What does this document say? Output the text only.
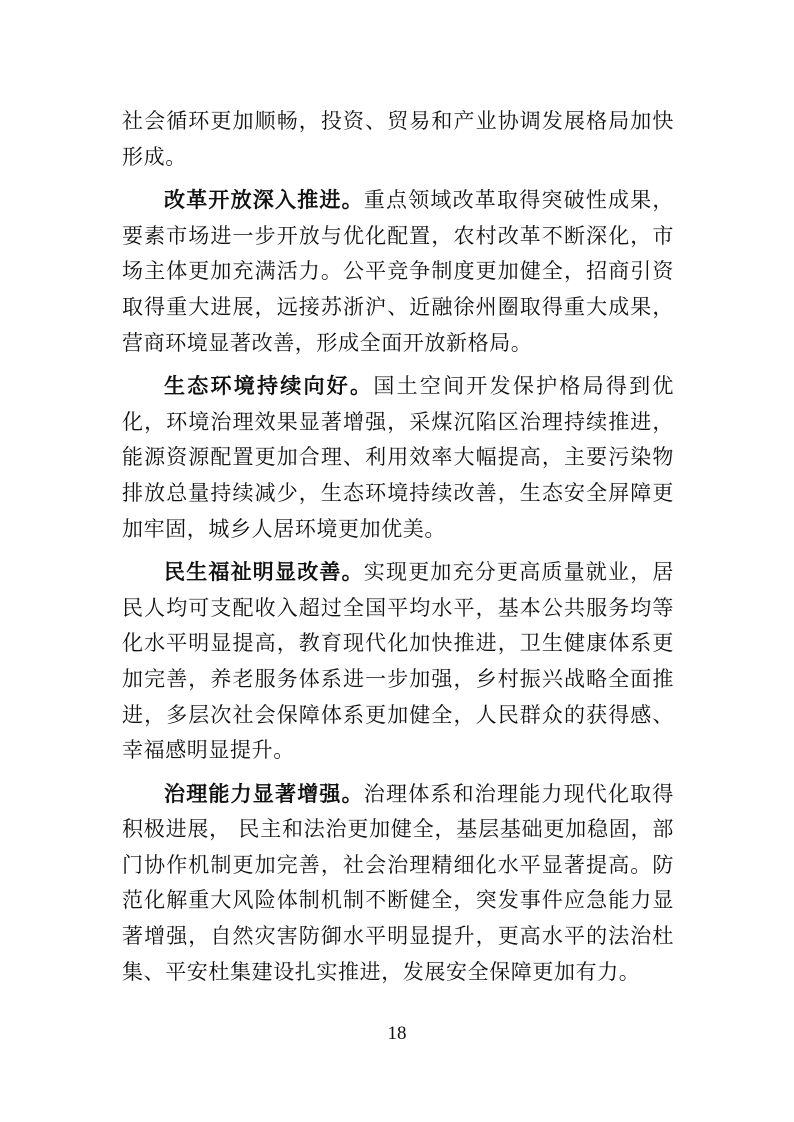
社会循环更加顺畅，投资、贸易和产业协调发展格局加快形成。

改革开放深入推进。重点领域改革取得突破性成果，要素市场进一步开放与优化配置，农村改革不断深化，市场主体更加充满活力。公平竞争制度更加健全，招商引资取得重大进展，远接苏浙沪、近融徐州圈取得重大成果，营商环境显著改善，形成全面开放新格局。

生态环境持续向好。国土空间开发保护格局得到优化，环境治理效果显著增强，采煤沉陷区治理持续推进，能源资源配置更加合理、利用效率大幅提高，主要污染物排放总量持续减少，生态环境持续改善，生态安全屏障更加牢固，城乡人居环境更加优美。

民生福祉明显改善。实现更加充分更高质量就业，居民人均可支配收入超过全国平均水平，基本公共服务均等化水平明显提高，教育现代化加快推进，卫生健康体系更加完善，养老服务体系进一步加强，乡村振兴战略全面推进，多层次社会保障体系更加健全，人民群众的获得感、幸福感明显提升。

治理能力显著增强。治理体系和治理能力现代化取得积极进展， 民主和法治更加健全，基层基础更加稳固，部门协作机制更加完善，社会治理精细化水平显著提高。防范化解重大风险体制机制不断健全，突发事件应急能力显著增强，自然灾害防御水平明显提升，更高水平的法治杜集、平安杜集建设扎实推进，发展安全保障更加有力。

18
